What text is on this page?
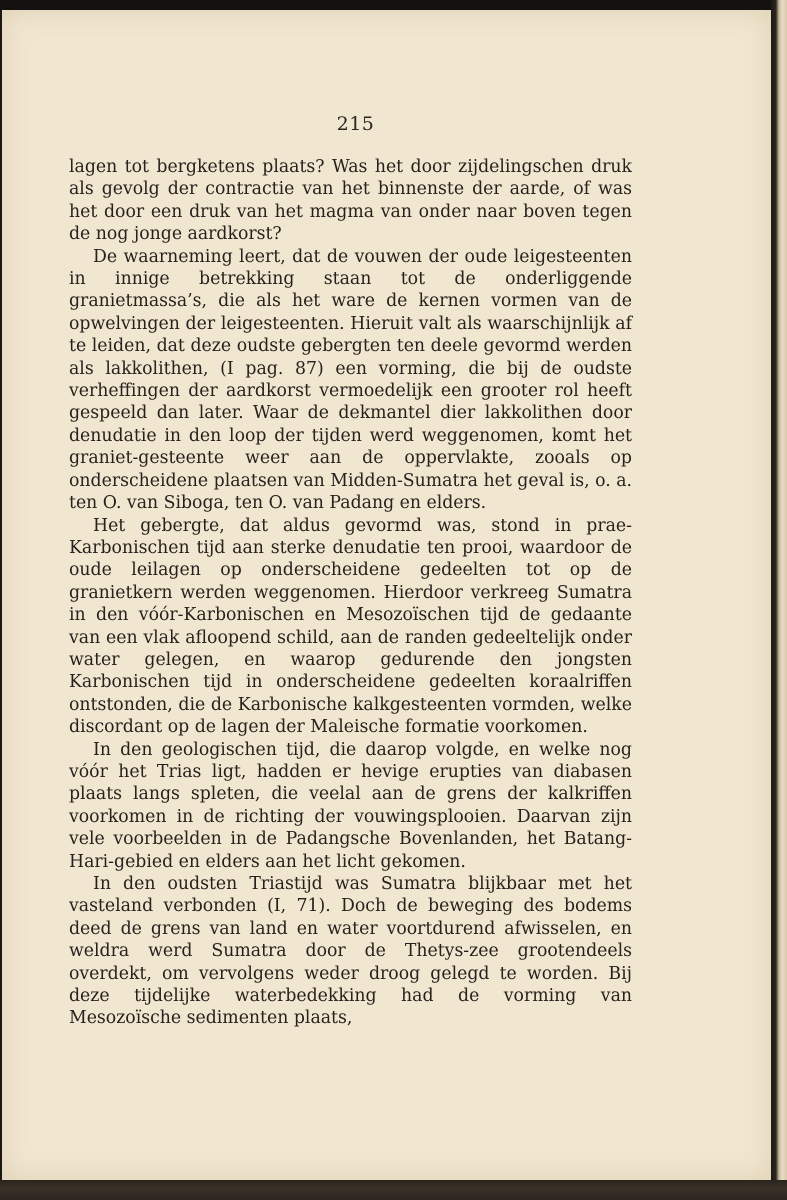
215

lagen tot bergketens plaats? Was het door zijdelingschen druk als gevolg der contractie van het binnenste der aarde, of was het door een druk van het magma van onder naar boven tegen de nog jonge aardkorst?

De waarneming leert, dat de vouwen der oude leigesteenten in innige betrekking staan tot de onderliggende granietmassa’s, die als het ware de kernen vormen van de opwelvingen der leigesteenten. Hieruit valt als waarschijnlijk af te leiden, dat deze oudste gebergten ten deele gevormd werden als lakkolithen, (I pag. 87) een vorming, die bij de oudste verheffingen der aardkorst vermoedelijk een grooter rol heeft gespeeld dan later. Waar de dekmantel dier lakkolithen door denudatie in den loop der tijden werd weggenomen, komt het graniet-gesteente weer aan de oppervlakte, zooals op onderscheidene plaatsen van Midden-Sumatra het geval is, o. a. ten O. van Siboga, ten O. van Padang en elders.

Het gebergte, dat aldus gevormd was, stond in prae-Karbonischen tijd aan sterke denudatie ten prooi, waardoor de oude leilagen op onderscheidene gedeelten tot op de granietkern werden weggenomen. Hierdoor verkreeg Sumatra in den vóór-Karbonischen en Mesozoïschen tijd de gedaante van een vlak afloopend schild, aan de randen gedeeltelijk onder water gelegen, en waarop gedurende den jongsten Karbonischen tijd in onderscheidene gedeelten koraalriffen ontstonden, die de Karbonische kalkgesteenten vormden, welke discordant op de lagen der Maleische formatie voorkomen.

In den geologischen tijd, die daarop volgde, en welke nog vóór het Trias ligt, hadden er hevige erupties van diabasen plaats langs spleten, die veelal aan de grens der kalkriffen voorkomen in de richting der vouwingsplooien. Daarvan zijn vele voorbeelden in de Padangsche Bovenlanden, het Batang-Hari-gebied en elders aan het licht gekomen.

In den oudsten Triastijd was Sumatra blijkbaar met het vasteland verbonden (I, 71). Doch de beweging des bodems deed de grens van land en water voortdurend afwisselen, en weldra werd Sumatra door de Thetys-zee grootendeels overdekt, om vervolgens weder droog gelegd te worden. Bij deze tijdelijke waterbedekking had de vorming van Mesozoïsche sedimenten plaats,
